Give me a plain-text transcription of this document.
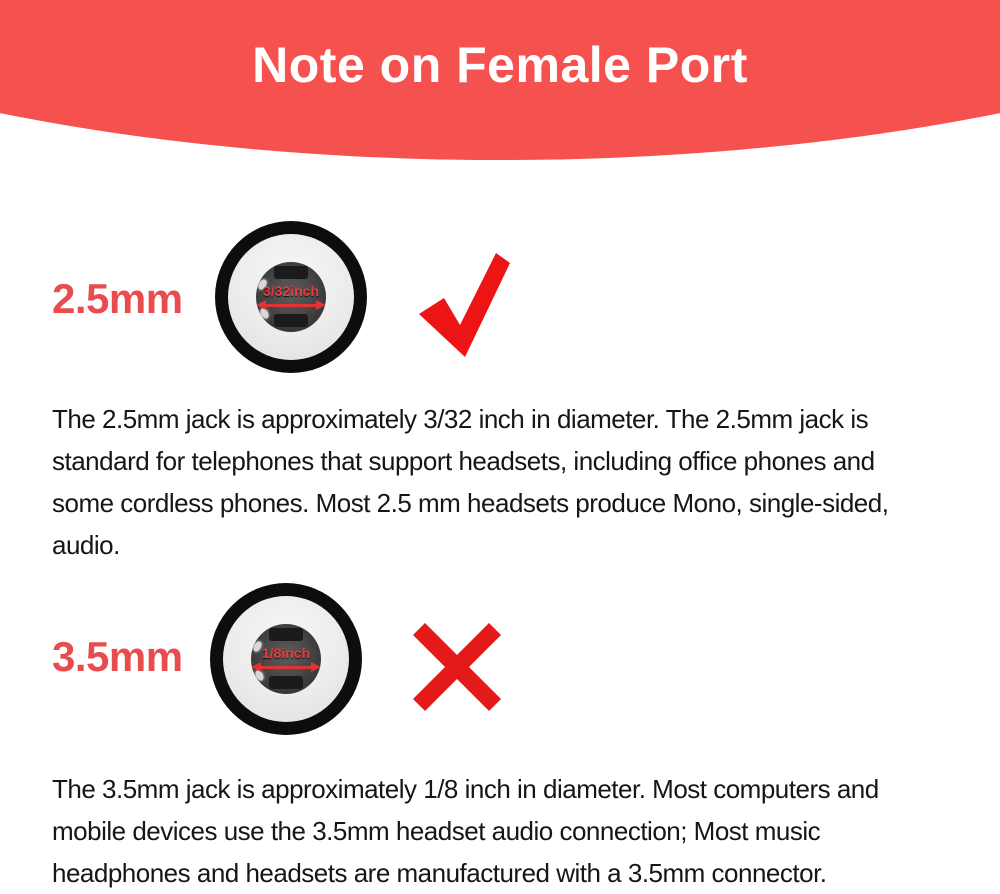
Note on Female Port
2.5mm	3/32inch

The 2.5mm jack is approximately 3/32 inch in diameter. The 2.5mm jack is standard for telephones that support headsets, including office phones and some cordless phones. Most 2.5 mm headsets produce Mono, single-sided, audio.

3.5mm	1/8inch

The 3.5mm jack is approximately 1/8 inch in diameter. Most computers and mobile devices use the 3.5mm headset audio connection; Most music headphones and headsets are manufactured with a 3.5mm connector.
